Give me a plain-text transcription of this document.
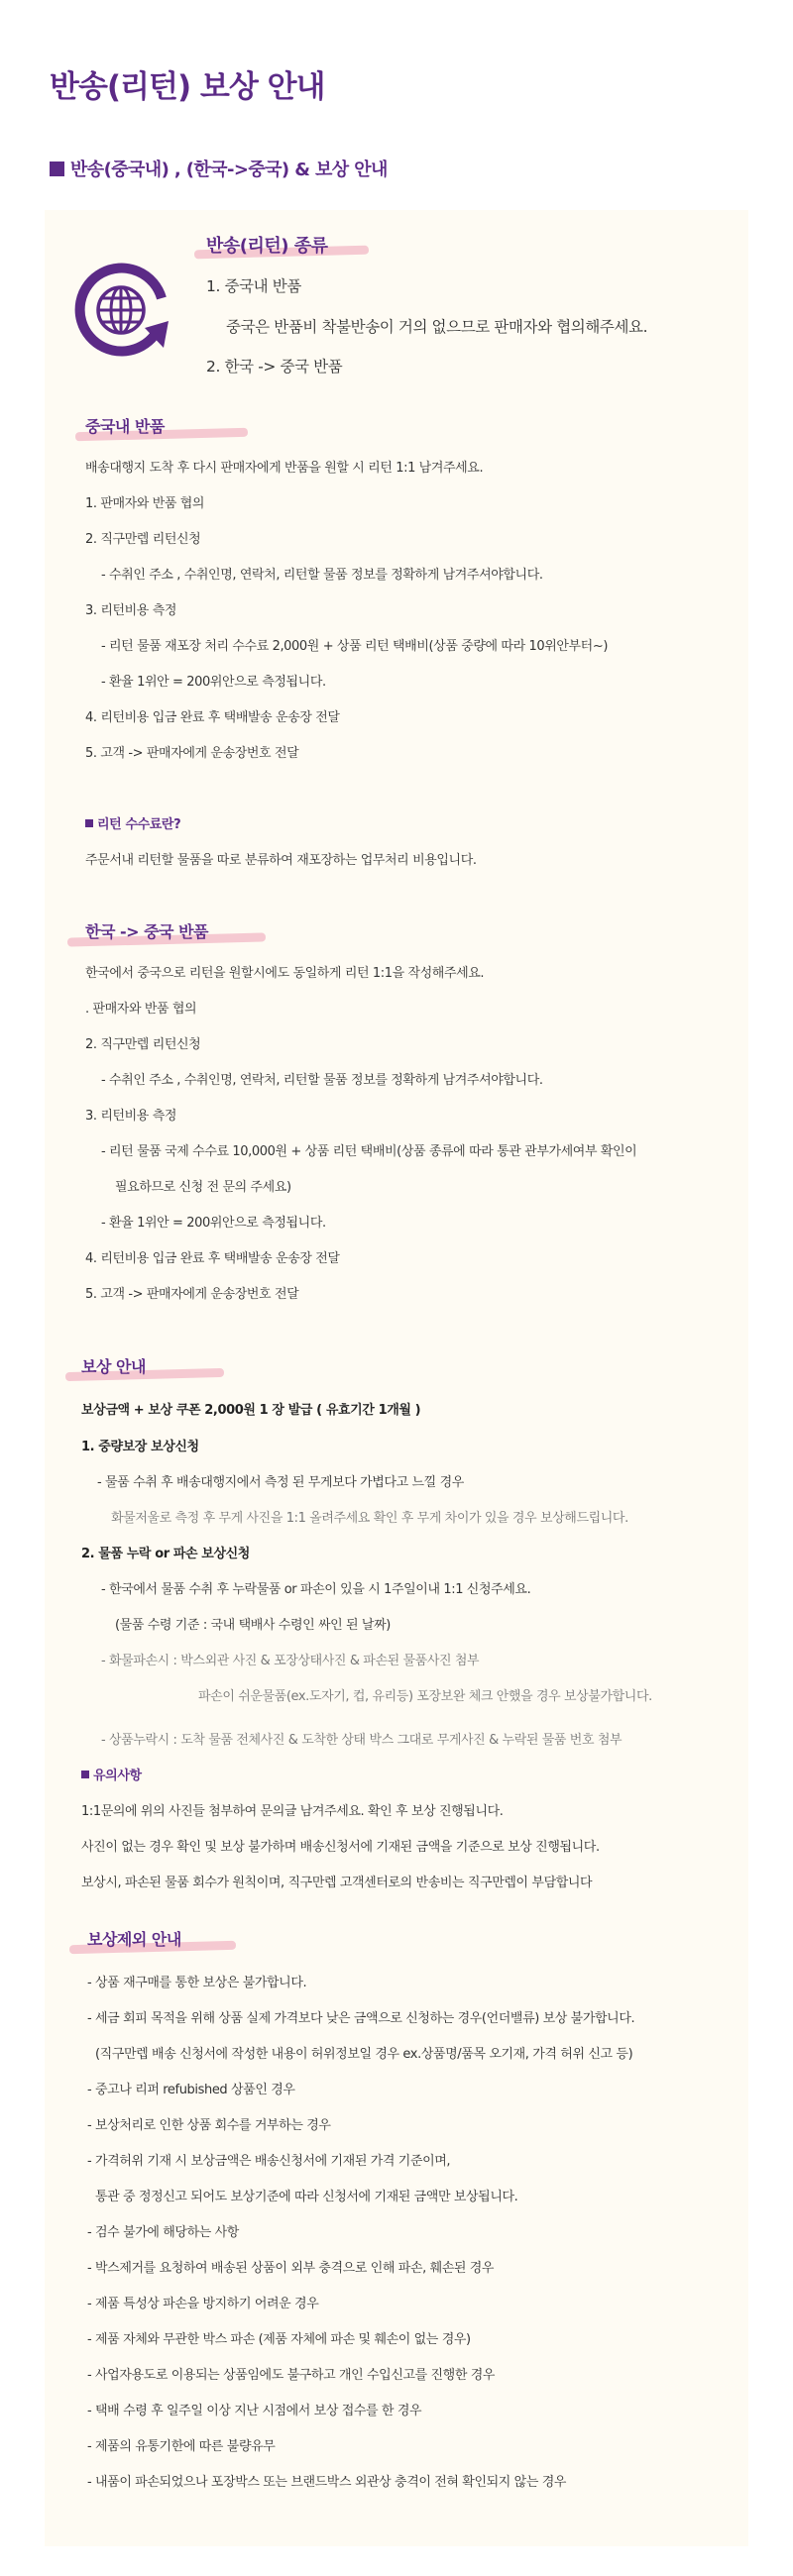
반송(리턴) 보상 안내
반송(중국내) , (한국->중국) & 보상 안내
반송(리턴) 종류
1. 중국내 반품
중국은 반품비 착불반송이 거의 없으므로 판매자와 협의해주세요.
2. 한국 -> 중국 반품
중국내 반품
배송대행지 도착 후 다시 판매자에게 반품을 원할 시 리턴 1:1 남겨주세요.
1. 판매자와 반품 협의
2. 직구만렙 리턴신청
- 수취인 주소 , 수취인명, 연락처, 리턴할 물품 정보를 정확하게 남겨주셔야합니다.
3. 리턴비용 측정
- 리턴 물품 재포장 처리 수수료 2,000원 + 상품 리턴 택배비(상품 중량에 따라 10위안부터~)
- 환율 1위안 = 200위안으로 측정됩니다.
4. 리턴비용 입금 완료 후 택배발송 운송장 전달
5. 고객 -> 판매자에게 운송장번호 전달
리턴 수수료란?
주문서내 리턴할 물품을 따로 분류하여 재포장하는 업무처리 비용입니다.
한국 -> 중국 반품
한국에서 중국으로 리턴을 원할시에도 동일하게 리턴 1:1을 작성해주세요.
. 판매자와 반품 협의
2. 직구만렙 리턴신청
- 수취인 주소 , 수취인명, 연락처, 리턴할 물품 정보를 정확하게 남겨주셔야합니다.
3. 리턴비용 측정
- 리턴 물품 국제 수수료 10,000원 + 상품 리턴 택배비(상품 종류에 따라 통관 관부가세여부 확인이
필요하므로 신청 전 문의 주세요)
- 환율 1위안 = 200위안으로 측정됩니다.
4. 리턴비용 입금 완료 후 택배발송 운송장 전달
5. 고객 -> 판매자에게 운송장번호 전달
보상 안내
보상금액 + 보상 쿠폰 2,000원 1 장 발급 ( 유효기간 1개월 )
1. 중량보장 보상신청
- 물품 수취 후 배송대행지에서 측정 된 무게보다 가볍다고 느낄 경우
화물저울로 측정 후 무게 사진을 1:1 올려주세요 확인 후 무게 차이가 있을 경우 보상해드립니다.
2. 물품 누락 or 파손 보상신청
- 한국에서 물품 수취 후 누락물품 or 파손이 있을 시 1주일이내 1:1 신청주세요.
(물품 수령 기준 : 국내 택배사 수령인 싸인 된 날짜)
- 화물파손시 : 박스외관 사진 & 포장상태사진 & 파손된 물품사진 첨부
파손이 쉬운물품(ex.도자기, 컵, 유리등) 포장보완 체크 안했을 경우 보상불가합니다.
- 상품누락시 : 도착 물품 전체사진 & 도착한 상태 박스 그대로 무게사진 & 누락된 물품 번호 첨부
유의사항
1:1문의에 위의 사진들 첨부하여 문의글 남겨주세요. 확인 후 보상 진행됩니다.
사진이 없는 경우 확인 및 보상 불가하며 배송신청서에 기재된 금액을 기준으로 보상 진행됩니다.
보상시, 파손된 물품 회수가 원칙이며, 직구만렙 고객센터로의 반송비는 직구만렙이 부담합니다
보상제외 안내
- 상품 재구매를 통한 보상은 불가합니다.
- 세금 회피 목적을 위해 상품 실제 가격보다 낮은 금액으로 신청하는 경우(언더밸류) 보상 불가합니다.
(직구만렙 배송 신청서에 작성한 내용이 허위정보일 경우 ex.상품명/품목 오기재, 가격 허위 신고 등)
- 중고나 리퍼 refubished 상품인 경우
- 보상처리로 인한 상품 회수를 거부하는 경우
- 가격허위 기재 시 보상금액은 배송신청서에 기재된 가격 기준이며,
통관 중 정정신고 되어도 보상기준에 따라 신청서에 기재된 금액만 보상됩니다.
- 검수 불가에 해당하는 사항
- 박스제거를 요청하여 배송된 상품이 외부 충격으로 인해 파손, 훼손된 경우
- 제품 특성상 파손을 방지하기 어려운 경우
- 제품 자체와 무관한 박스 파손 (제품 자체에 파손 및 훼손이 없는 경우)
- 사업자용도로 이용되는 상품임에도 불구하고 개인 수입신고를 진행한 경우
- 택배 수령 후 일주일 이상 지난 시점에서 보상 접수를 한 경우
- 제품의 유통기한에 따른 불량유무
- 내품이 파손되었으나 포장박스 또는 브랜드박스 외관상 충격이 전혀 확인되지 않는 경우
